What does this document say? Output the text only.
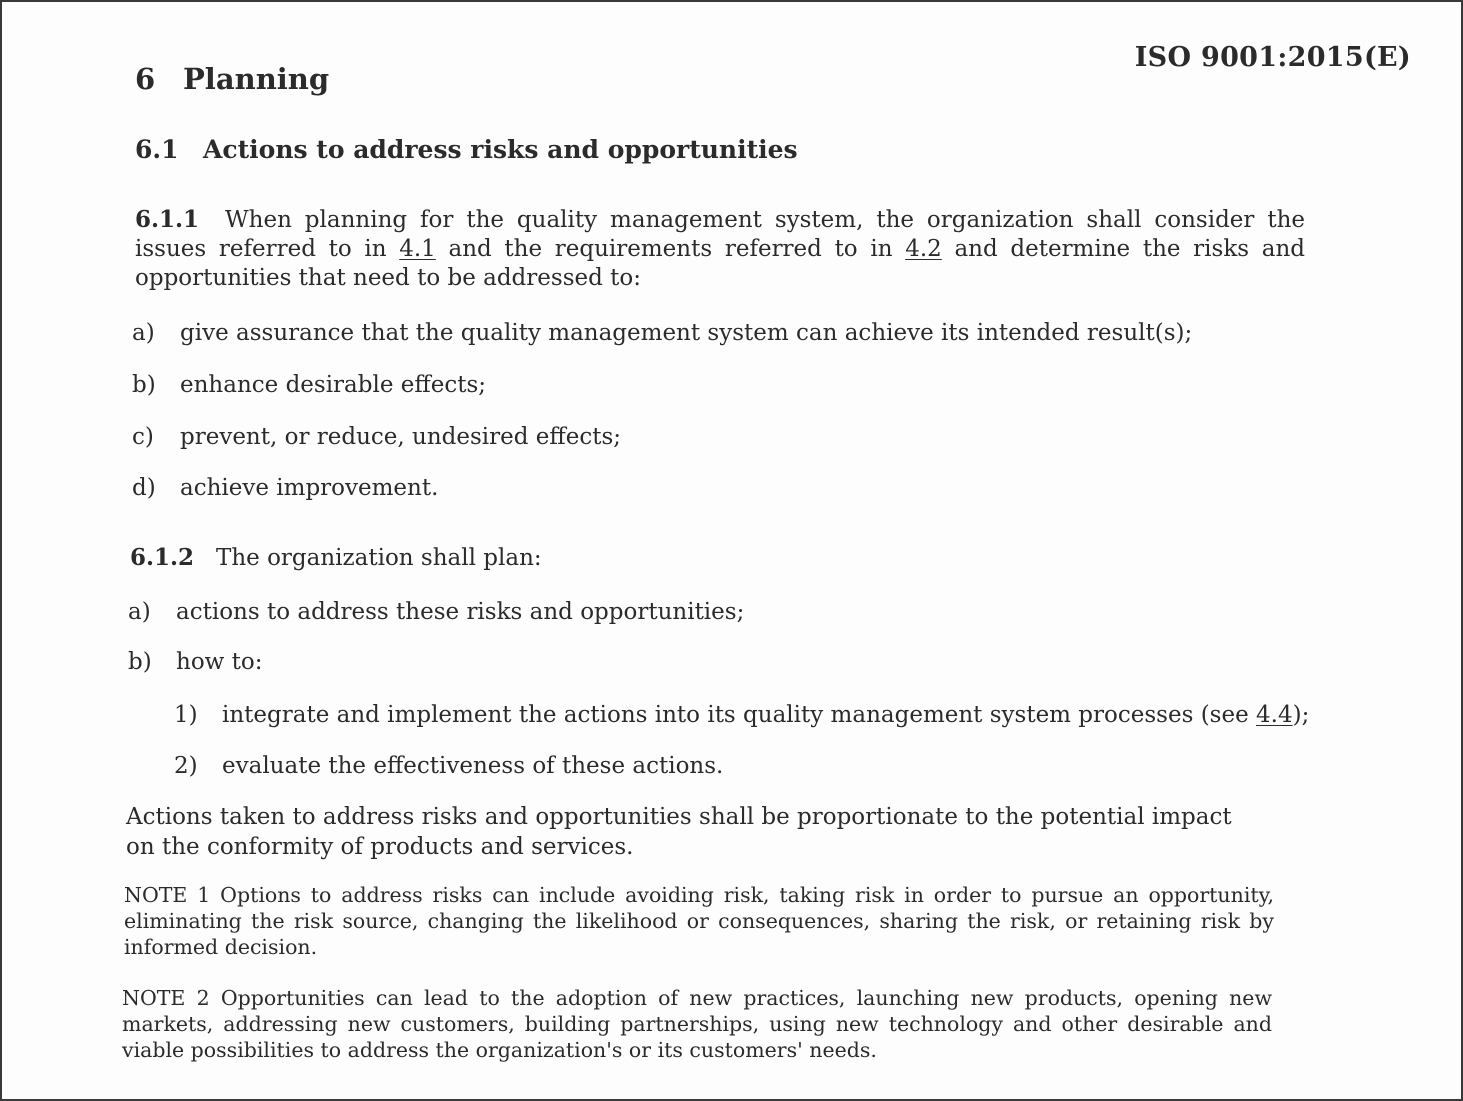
ISO 9001:2015(E)
6 Planning
6.1 Actions to address risks and opportunities
6.1.1 When planning for the quality management system, the organization shall consider the issues referred to in 4.1 and the requirements referred to in 4.2 and determine the risks and opportunities that need to be addressed to:
a) give assurance that the quality management system can achieve its intended result(s);
b) enhance desirable effects;
c) prevent, or reduce, undesired effects;
d) achieve improvement.
6.1.2 The organization shall plan:
a) actions to address these risks and opportunities;
b) how to:
1) integrate and implement the actions into its quality management system processes (see 4.4);
2) evaluate the effectiveness of these actions.
Actions taken to address risks and opportunities shall be proportionate to the potential impact on the conformity of products and services.
NOTE 1 Options to address risks can include avoiding risk, taking risk in order to pursue an opportunity, eliminating the risk source, changing the likelihood or consequences, sharing the risk, or retaining risk by informed decision.
NOTE 2 Opportunities can lead to the adoption of new practices, launching new products, opening new markets, addressing new customers, building partnerships, using new technology and other desirable and viable possibilities to address the organization's or its customers' needs.
